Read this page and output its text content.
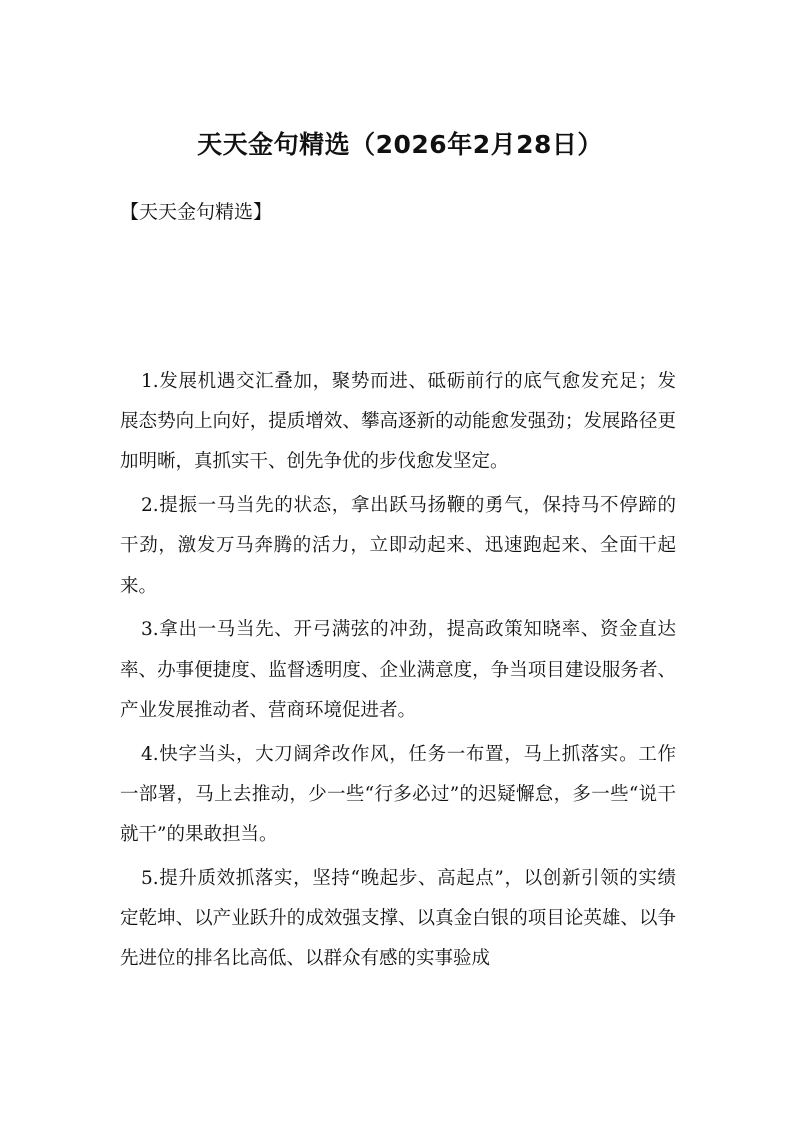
天天金句精选（2026年2月28日）
【天天金句精选】

1.发展机遇交汇叠加，聚势而进、砥砺前行的底气愈发充足；发展态势向上向好，提质增效、攀高逐新的动能愈发强劲；发展路径更加明晰，真抓实干、创先争优的步伐愈发坚定。

2.提振一马当先的状态，拿出跃马扬鞭的勇气，保持马不停蹄的干劲，激发万马奔腾的活力，立即动起来、迅速跑起来、全面干起来。

3.拿出一马当先、开弓满弦的冲劲，提高政策知晓率、资金直达率、办事便捷度、监督透明度、企业满意度，争当项目建设服务者、产业发展推动者、营商环境促进者。

4.快字当头，大刀阔斧改作风，任务一布置，马上抓落实。工作一部署，马上去推动，少一些“行多必过”的迟疑懈怠，多一些“说干就干”的果敢担当。

5.提升质效抓落实，坚持“晚起步、高起点”，以创新引领的实绩定乾坤、以产业跃升的成效强支撑、以真金白银的项目论英雄、以争先进位的排名比高低、以群众有感的实事验成
